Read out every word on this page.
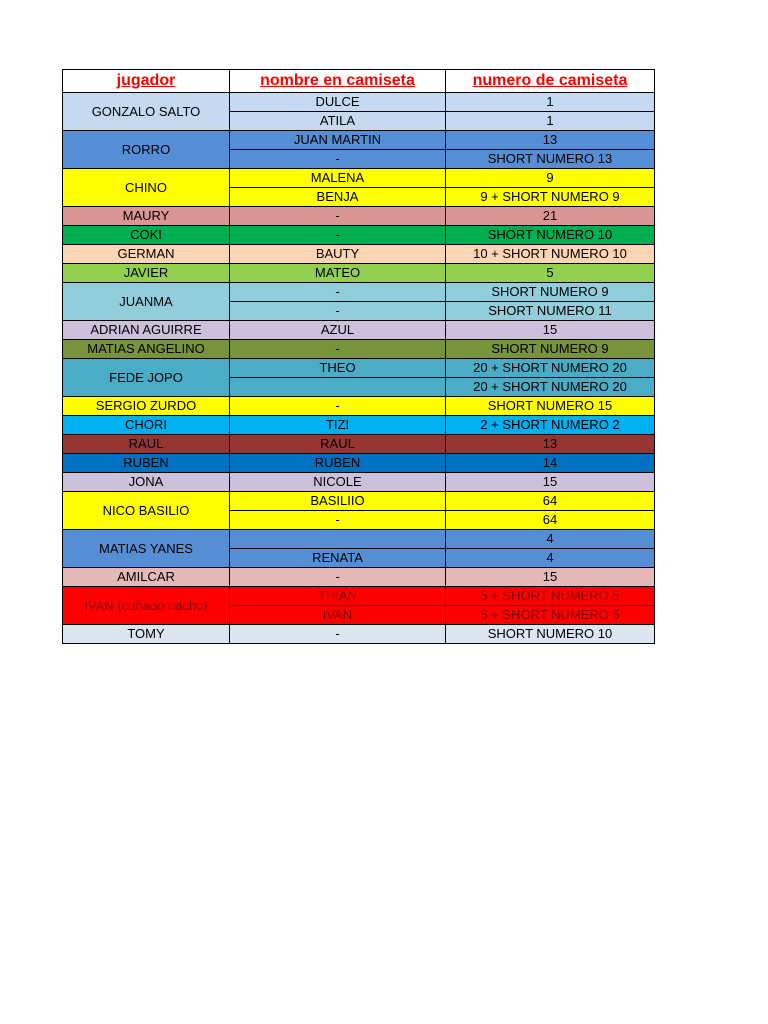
jugador	nombre en camiseta	numero de camiseta
GONZALO SALTO	DULCE	1
	ATILA	1
RORRO	JUAN MARTIN	13
	-	SHORT NUMERO 13
CHINO	MALENA	9
	BENJA	9 + SHORT NUMERO 9
MAURY	-	21
COKI	-	SHORT NUMERO 10
GERMAN	BAUTY	10 + SHORT NUMERO 10
JAVIER	MATEO	5
JUANMA	-	SHORT NUMERO 9
	-	SHORT NUMERO 11
ADRIAN AGUIRRE	AZUL	15
MATIAS ANGELINO	-	SHORT NUMERO 9
FEDE JOPO	THEO	20 + SHORT NUMERO 20
		20 + SHORT NUMERO 20
SERGIO ZURDO	-	SHORT NUMERO 15
CHORI	TIZI	2 + SHORT NUMERO 2
RAUL	RAUL	13
RUBEN	RUBEN	14
JONA	NICOLE	15
NICO BASILIO	BASILIIO	64
	-	64
MATIAS YANES		4
	RENATA	4
AMILCAR	-	15
IVAN (cuñado nacho)	THIAN	5 + SHORT NUMERO 5
	IVAN	5 + SHORT NUMERO 5
TOMY	-	SHORT NUMERO 10
